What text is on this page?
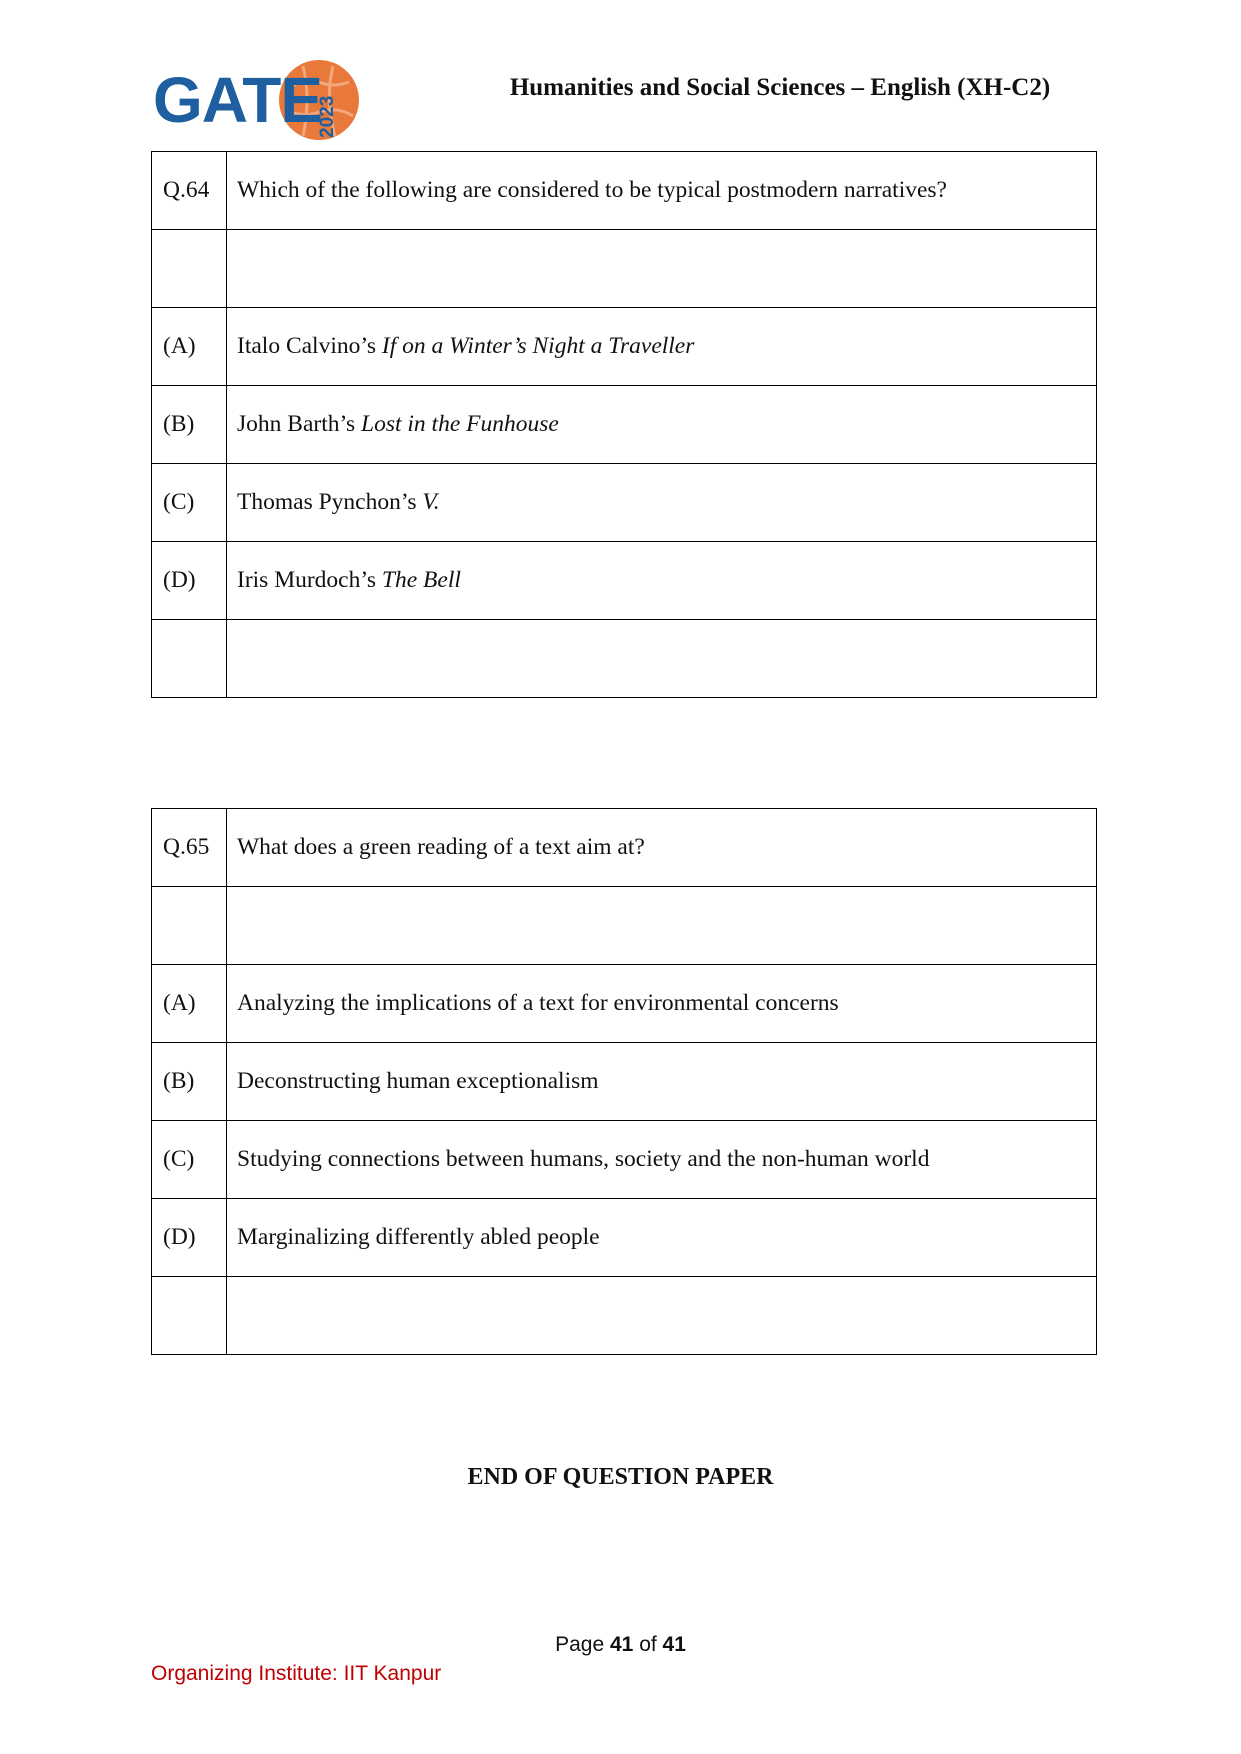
GATE
2023
Humanities and Social Sciences – English (XH-C2)
Q.64	Which of the following are considered to be typical postmodern narratives?

(A)	Italo Calvino’s If on a Winter’s Night a Traveller
(B)	John Barth’s Lost in the Funhouse
(C)	Thomas Pynchon’s V.
(D)	Iris Murdoch’s The Bell

Q.65	What does a green reading of a text aim at?

(A)	Analyzing the implications of a text for environmental concerns
(B)	Deconstructing human exceptionalism
(C)	Studying connections between humans, society and the non-human world
(D)	Marginalizing differently abled people

END OF QUESTION PAPER
Page 41 of 41
Organizing Institute: IIT Kanpur
